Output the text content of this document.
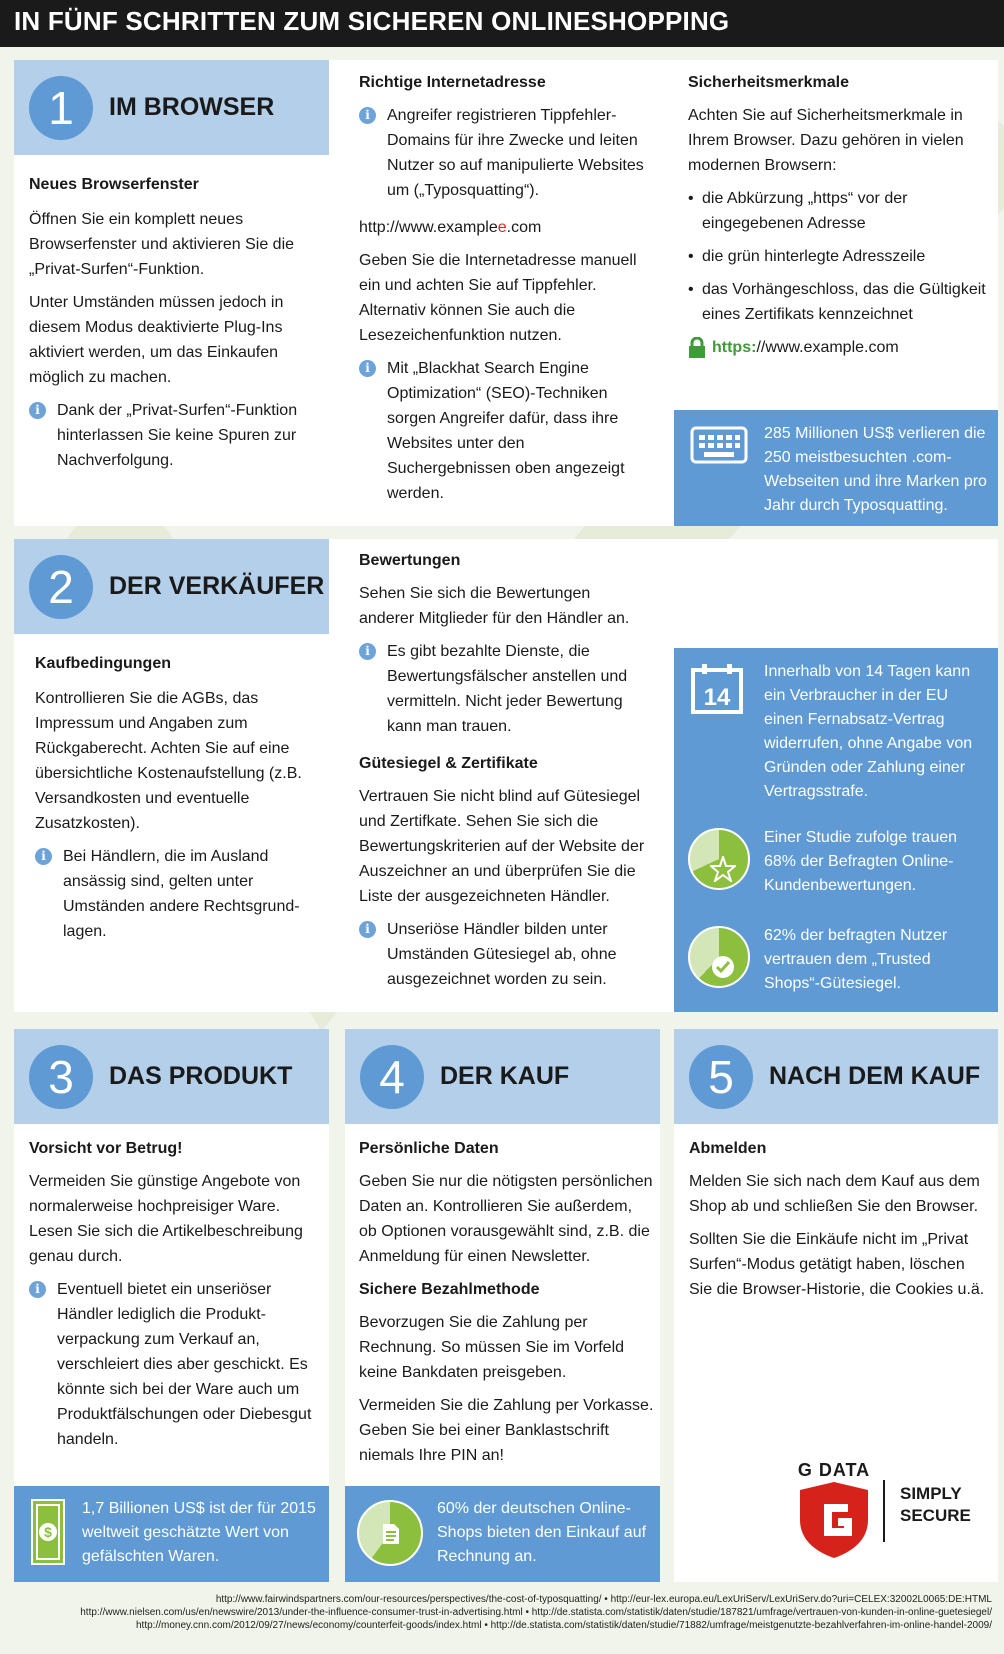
IN FÜNF SCHRITTEN ZUM SICHEREN ONLINESHOPPING
1	IM BROWSER

Neues Browserfenster

Öffnen Sie ein komplett neues Browserfenster und aktivieren Sie die „Privat-Surfen“-Funktion.

Unter Umständen müssen jedoch in diesem Modus deaktivierte Plug-Ins aktiviert werden, um das Einkaufen möglich zu machen.

i	Dank der „Privat-Surfen“-Funktion hinterlassen Sie keine Spuren zur Nachverfolgung.

Richtige Internetadresse

i	Angreifer registrieren Tippfehler-Domains für ihre Zwecke und leiten Nutzer so auf manipulierte Websites um („Typosquatting“).

http://www.examplee.com

Geben Sie die Internetadresse manuell ein und achten Sie auf Tippfehler. Alternativ können Sie auch die Lesezeichenfunktion nutzen.

i	Mit „Blackhat Search Engine Optimization“ (SEO)-Techniken sorgen Angreifer dafür, dass ihre Websites unter den Suchergebnissen oben angezeigt werden.

Sicherheitsmerkmale

Achten Sie auf Sicherheitsmerkmale in Ihrem Browser. Dazu gehören in vielen modernen Browsern:

• die Abkürzung „https“ vor der eingegebenen Adresse
• die grün hinterlegte Adresszeile
• das Vorhängeschloss, das die Gültigkeit eines Zertifikats kennzeichnet

https://www.example.com

285 Millionen US$ verlieren die 250 meistbesuchten .com-Webseiten und ihre Marken pro Jahr durch Typosquatting.
2	DER VERKÄUFER

Kaufbedingungen

Kontrollieren Sie die AGBs, das Impressum und Angaben zum Rückgaberecht. Achten Sie auf eine übersichtliche Kostenaufstellung (z.B. Versandkosten und eventuelle Zusatzkosten).

i	Bei Händlern, die im Ausland ansässig sind, gelten unter Umständen andere Rechtsgrund-lagen.

Bewertungen

Sehen Sie sich die Bewertungen anderer Mitglieder für den Händler an.

i	Es gibt bezahlte Dienste, die Bewertungsfälscher anstellen und vermitteln. Nicht jeder Bewertung kann man trauen.

Gütesiegel & Zertifikate

Vertrauen Sie nicht blind auf Gütesiegel und Zertifkate. Sehen Sie sich die Bewertungskriterien auf der Website der Auszeichner an und überprüfen Sie die Liste der ausgezeichneten Händler.

i	Unseriöse Händler bilden unter Umständen Gütesiegel ab, ohne ausgezeichnet worden zu sein.
14
Innerhalb von 14 Tagen kann ein Verbraucher in der EU einen Fernabsatz-Vertrag widerrufen, ohne Angabe von Gründen oder Zahlung einer Vertragsstrafe.
Einer Studie zufolge trauen 68% der Befragten Online-Kundenbewertungen.
62% der befragten Nutzer vertrauen dem „Trusted Shops“-Gütesiegel.
3	DAS PRODUKT

Vorsicht vor Betrug!

Vermeiden Sie günstige Angebote von normalerweise hochpreisiger Ware. Lesen Sie sich die Artikelbeschreibung genau durch.

i	Eventuell bietet ein unseriöser Händler lediglich die Produkt-verpackung zum Verkauf an, verschleiert dies aber geschickt. Es könnte sich bei der Ware auch um Produktfälschungen oder Diebesgut handeln.
$
1,7 Billionen US$ ist der für 2015 weltweit geschätzte Wert von gefälschten Waren.
4	DER KAUF

Persönliche Daten

Geben Sie nur die nötigsten persönlichen Daten an. Kontrollieren Sie außerdem, ob Optionen vorausgewählt sind, z.B. die Anmeldung für einen Newsletter.

Sichere Bezahlmethode

Bevorzugen Sie die Zahlung per Rechnung. So müssen Sie im Vorfeld keine Bankdaten preisgeben.

Vermeiden Sie die Zahlung per Vorkasse. Geben Sie bei einer Banklastschrift niemals Ihre PIN an!

60% der deutschen Online-Shops bieten den Einkauf auf Rechnung an.
5	NACH DEM KAUF

Abmelden

Melden Sie sich nach dem Kauf aus dem Shop ab und schließen Sie den Browser.

Sollten Sie die Einkäufe nicht im „Privat Surfen“-Modus getätigt haben, löschen Sie die Browser-Historie, die Cookies u.ä.

G DATA
SIMPLY
SECURE
http://www.fairwindspartners.com/our-resources/perspectives/the-cost-of-typosquatting/ • http://eur-lex.europa.eu/LexUriServ/LexUriServ.do?uri=CELEX:32002L0065:DE:HTML
http://www.nielsen.com/us/en/newswire/2013/under-the-influence-consumer-trust-in-advertising.html • http://de.statista.com/statistik/daten/studie/187821/umfrage/vertrauen-von-kunden-in-online-guetesiegel/
http://money.cnn.com/2012/09/27/news/economy/counterfeit-goods/index.html • http://de.statista.com/statistik/daten/studie/71882/umfrage/meistgenutzte-bezahlverfahren-im-online-handel-2009/
